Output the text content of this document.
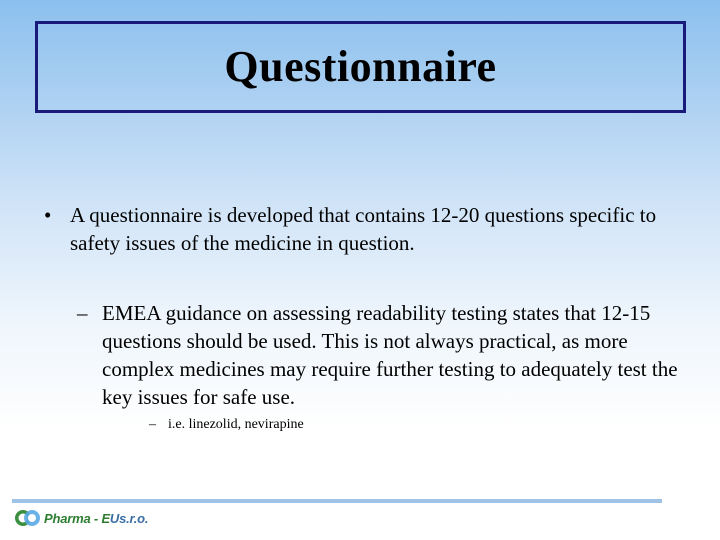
Questionnaire
• A questionnaire is developed that contains 12-20 questions specific to safety issues of the medicine in question.
– EMEA guidance on assessing readability testing states that 12-15 questions should be used. This is not always practical, as more complex medicines may require further testing to adequately test the key issues for safe use.
– i.e. linezolid, nevirapine
Pharma - EUs.r.o.
